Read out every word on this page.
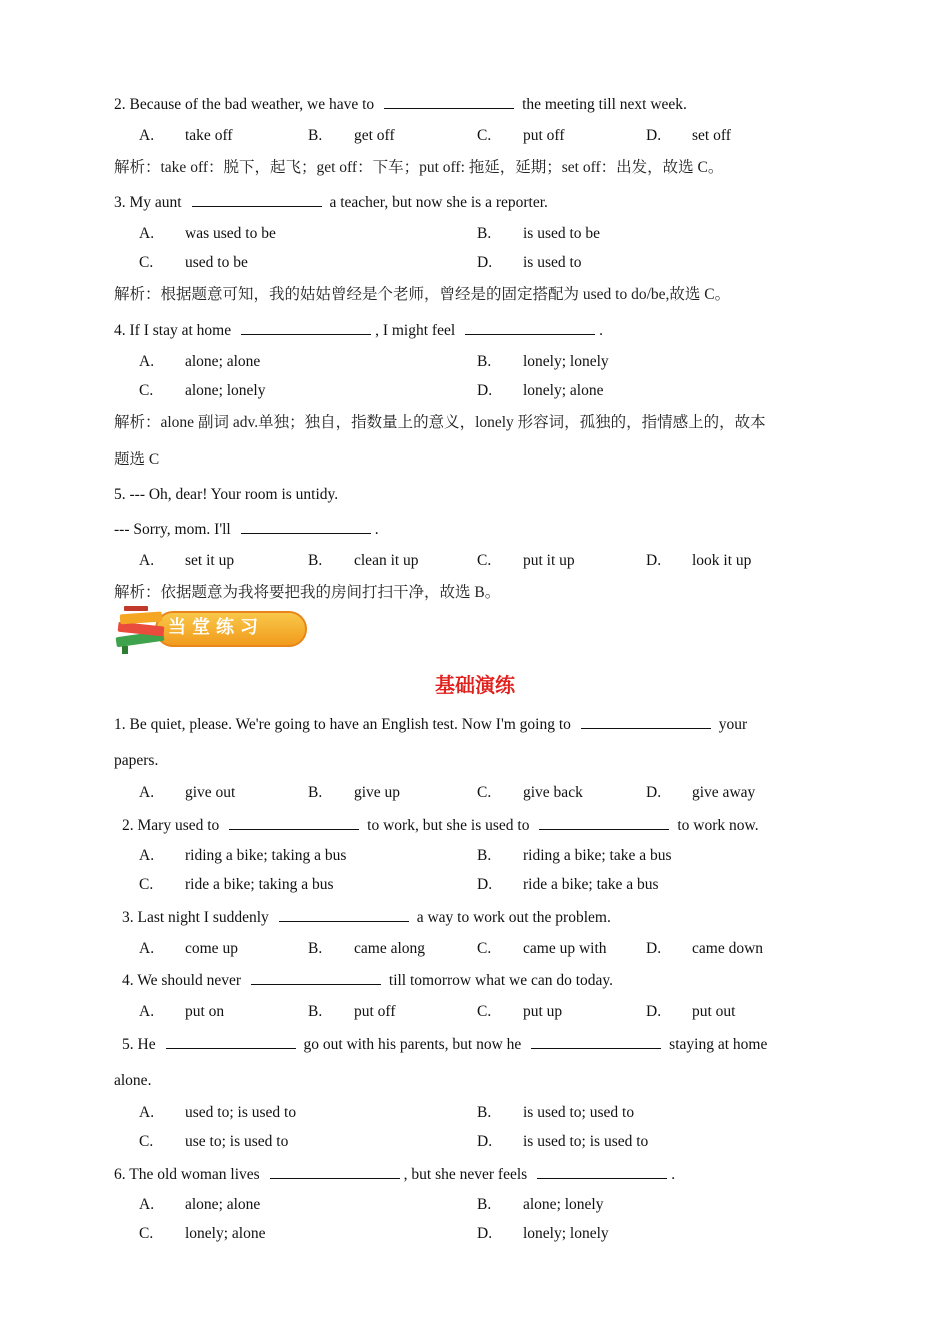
2. Because of the bad weather, we have to	the meeting till next week.
A. take off	B. get off	C. put off	D. set off
解析：take off：脱下，起飞；get off：下车；put off: 拖延，延期；set off：出发，故选 C。
3. My aunt	a teacher, but now she is a reporter.
A. was used to be	B. is used to be
C. used to be	D. is used to
解析：根据题意可知，我的姑姑曾经是个老师，曾经是的固定搭配为 used to do/be,故选 C。
4. If I stay at home	, I might feel	.
A. alone; alone	B. lonely; lonely
C. alone; lonely	D. lonely; alone
解析：alone 副词 adv.单独；独自，指数量上的意义，lonely 形容词，孤独的，指情感上的，故本
题选 C
5. --- Oh, dear! Your room is untidy.
--- Sorry, mom. I'll	.
A. set it up	B. clean it up	C. put it up	D. look it up
解析：依据题意为我将要把我的房间打扫干净，故选 B。
当堂练习
基础演练
1. Be quiet, please. We're going to have an English test. Now I'm going to	your
papers.
A. give out	B. give up	C. give back	D. give away
2. Mary used to	to work, but she is used to	to work now.
A. riding a bike; taking a bus	B. riding a bike; take a bus
C. ride a bike; taking a bus	D. ride a bike; take a bus
3. Last night I suddenly	a way to work out the problem.
A. come up	B. came along	C. came up with	D. came down
4. We should never	till tomorrow what we can do today.
A. put on	B. put off	C. put up	D. put out
5. He	go out with his parents, but now he	staying at home
alone.
A. used to; is used to	B. is used to; used to
C. use to; is used to	D. is used to; is used to
6. The old woman lives	, but she never feels	.
A. alone; alone	B. alone; lonely
C. lonely; alone	D. lonely; lonely
